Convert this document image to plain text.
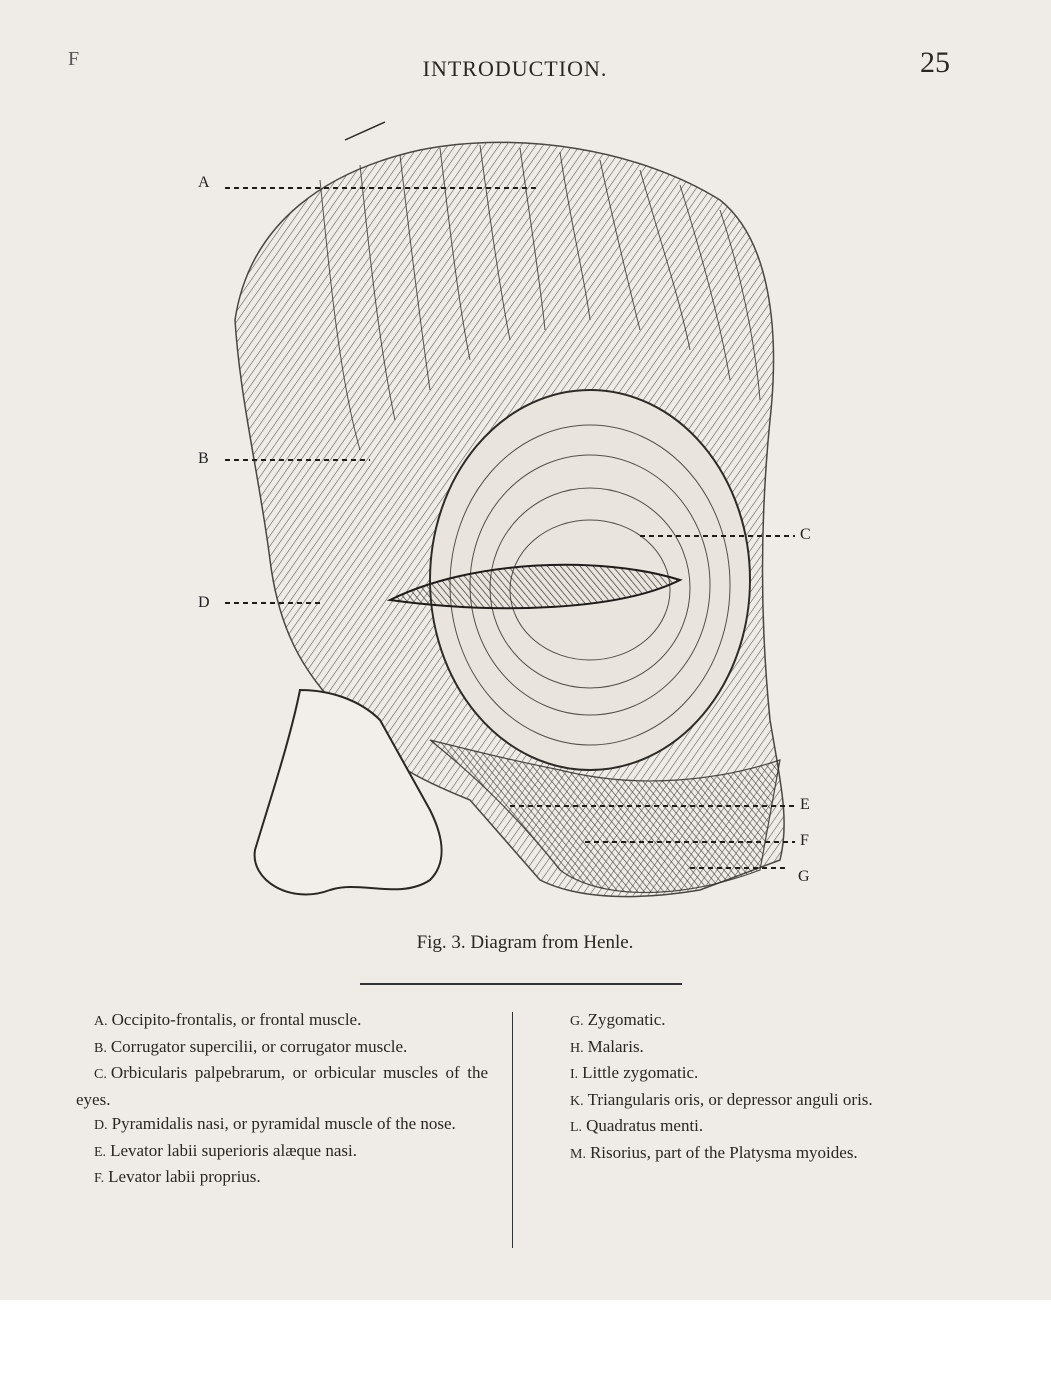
F	INTRODUCTION.	25
A
B
C
D
E
F
G
Fig. 3. Diagram from Henle.

A. Occipito-frontalis, or frontal muscle.

B. Corrugator supercilii, or corrugator muscle.

C. Orbicularis palpebrarum, or orbicular muscles of the eyes.

D. Pyramidalis nasi, or pyramidal muscle of the nose.

E. Levator labii superioris alæque nasi.

F. Levator labii proprius.

G. Zygomatic.

H. Malaris.

I. Little zygomatic.

K. Triangularis oris, or depressor anguli oris.

L. Quadratus menti.

M. Risorius, part of the Platysma myoides.
